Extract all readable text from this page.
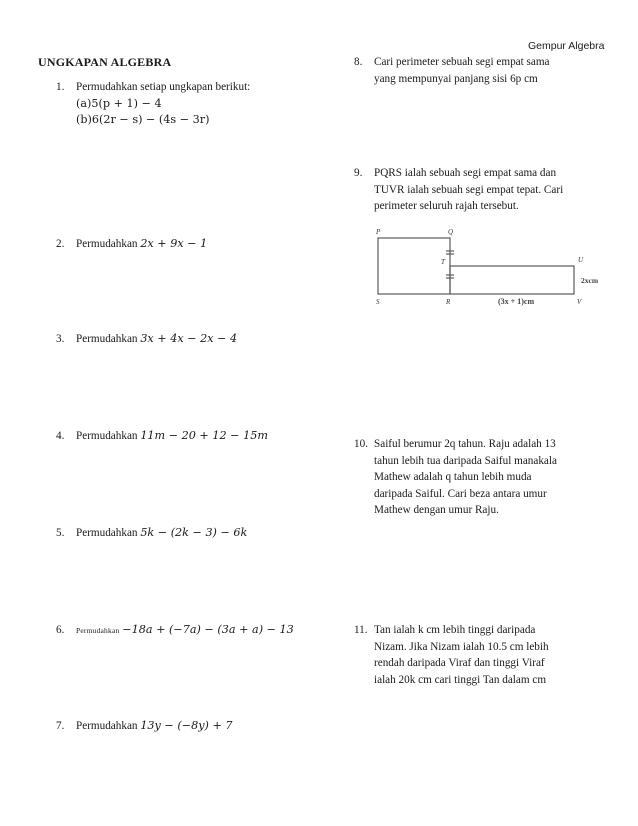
Gempur Algebra
UNGKAPAN ALGEBRA
1. Permudahkan setiap ungkapan berikut:
(a)5(p + 1) − 4
(b)6(2r − s) − (4s − 3r)
2. Permudahkan 2x + 9x − 1
3. Permudahkan 3x + 4x − 2x − 4
4. Permudahkan 11m − 20 + 12 − 15m
5. Permudahkan 5k − (2k − 3) − 6k
6. Permudahkan −18a + (−7a) − (3a + a) − 13
7. Permudahkan 13y − (−8y) + 7
8. Cari perimeter sebuah segi empat sama
yang mempunyai panjang sisi 6p cm
9. PQRS ialah sebuah segi empat sama dan
TUVR ialah sebuah segi empat tepat. Cari
perimeter seluruh rajah tersebut.
P	Q
T	U
S	R	V
2xcm
(3x + 1)cm
10. Saiful berumur 2q tahun. Raju adalah 13
tahun lebih tua daripada Saiful manakala
Mathew adalah q tahun lebih muda
daripada Saiful. Cari beza antara umur
Mathew dengan umur Raju.
11. Tan ialah k cm lebih tinggi daripada
Nizam. Jika Nizam ialah 10.5 cm lebih
rendah daripada Viraf dan tinggi Viraf
ialah 20k cm cari tinggi Tan dalam cm
